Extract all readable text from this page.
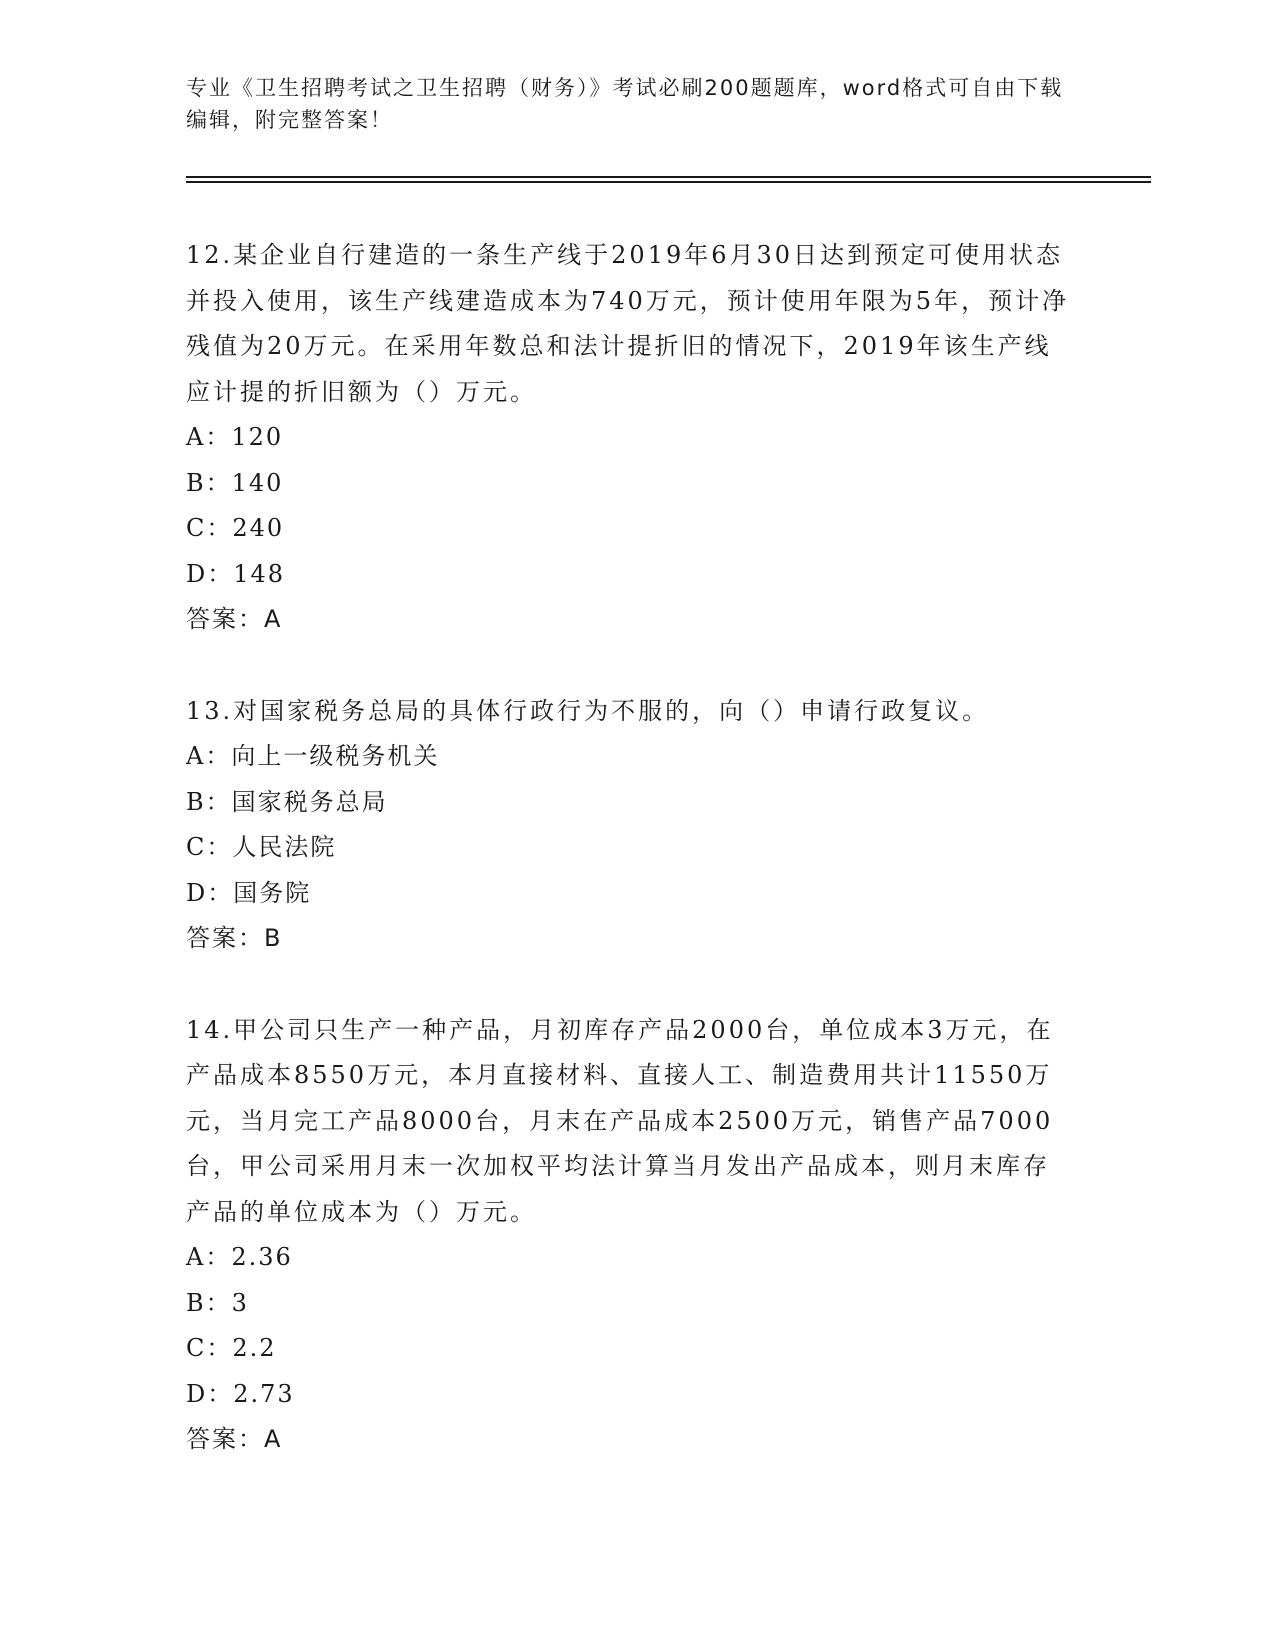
专业《卫生招聘考试之卫生招聘（财务）》考试必刷200题题库，word格式可自由下载编辑，附完整答案！
12.某企业自行建造的一条生产线于2019年6月30日达到预定可使用状态并投入使用，该生产线建造成本为740万元，预计使用年限为5年，预计净残值为20万元。在采用年数总和法计提折旧的情况下，2019年该生产线应计提的折旧额为（）万元。
A：120
B：140
C：240
D：148
答案：A
13.对国家税务总局的具体行政行为不服的，向（）申请行政复议。
A：向上一级税务机关
B：国家税务总局
C：人民法院
D：国务院
答案：B
14.甲公司只生产一种产品，月初库存产品2000台，单位成本3万元，在产品成本8550万元，本月直接材料、直接人工、制造费用共计11550万元，当月完工产品8000台，月末在产品成本2500万元，销售产品7000台，甲公司采用月末一次加权平均法计算当月发出产品成本，则月末库存产品的单位成本为（）万元。
A：2.36
B：3
C：2.2
D：2.73
答案：A
